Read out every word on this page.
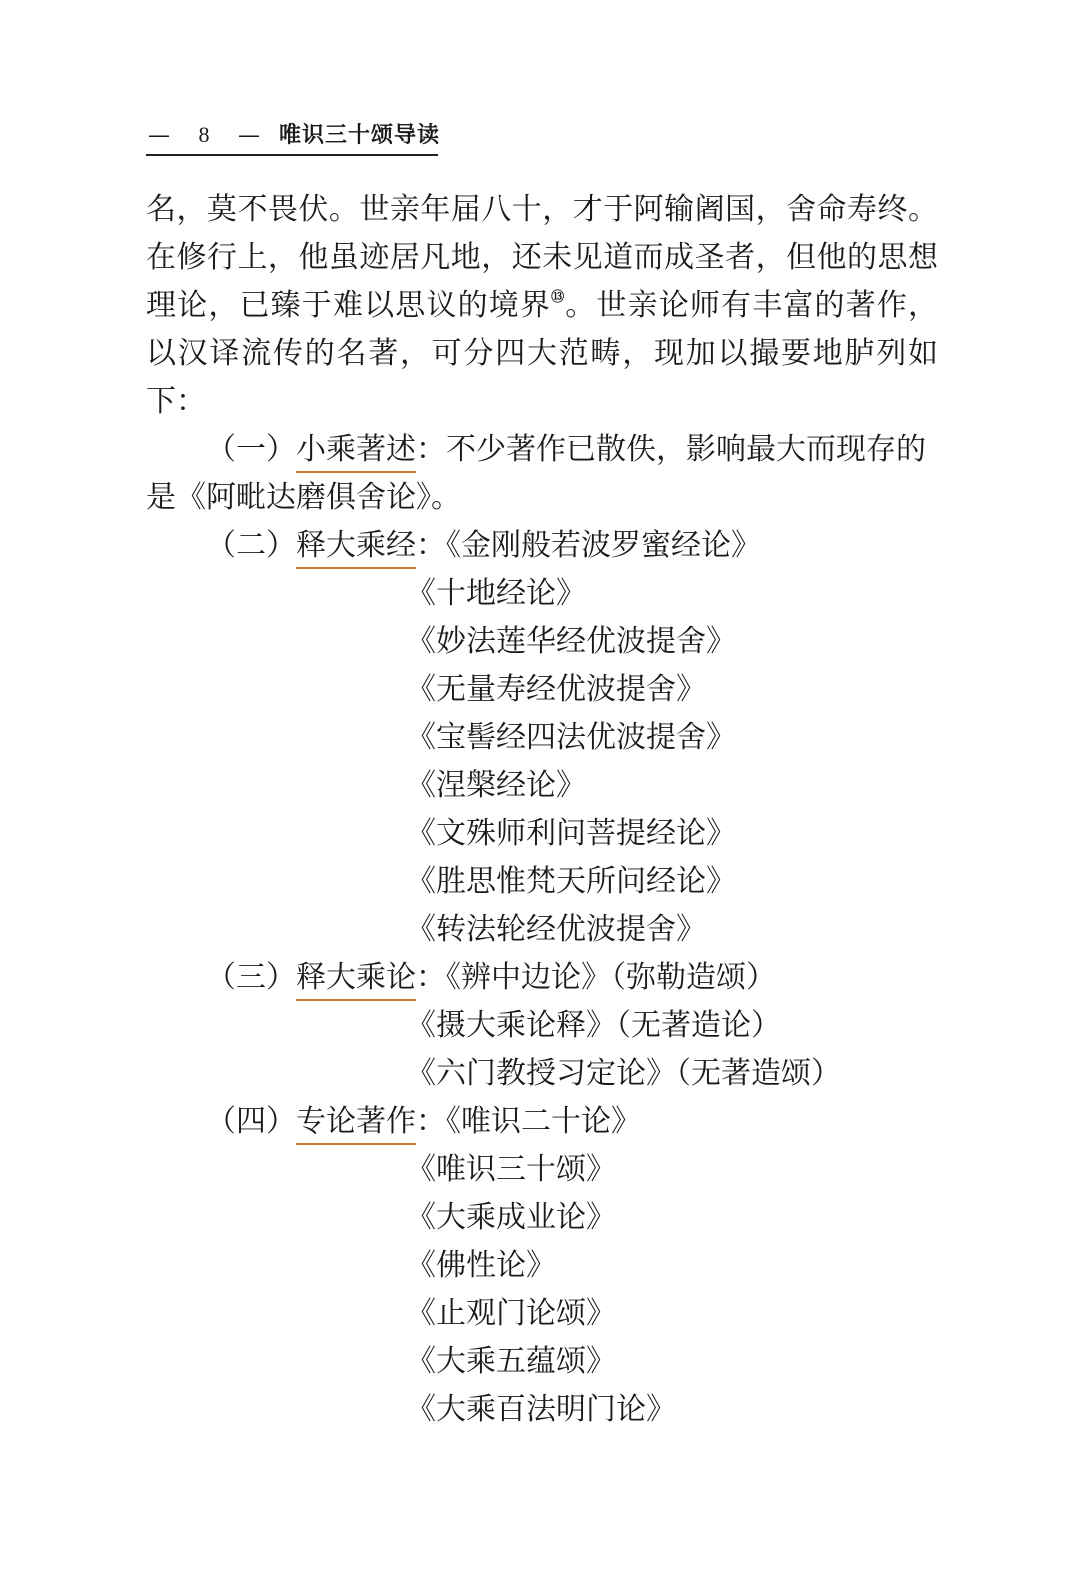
— 8 — 唯识三十颂导读
名，莫不畏伏。世亲年届八十，才于阿输阇国，舍命寿终。
在修行上，他虽迹居凡地，还未见道而成圣者，但他的思想
理论，已臻于难以思议的境界⑬。世亲论师有丰富的著作，
以汉译流传的名著，可分四大范畴，现加以撮要地胪列如
下：
（一）小乘著述：不少著作已散佚，影响最大而现存的
是《阿毗达磨俱舍论》。
（二）释大乘经：《金刚般若波罗蜜经论》
《十地经论》
《妙法莲华经优波提舍》
《无量寿经优波提舍》
《宝髻经四法优波提舍》
《涅槃经论》
《文殊师利问菩提经论》
《胜思惟梵天所问经论》
《转法轮经优波提舍》
（三）释大乘论：《辨中边论》（弥勒造颂）
《摄大乘论释》（无著造论）
《六门教授习定论》（无著造颂）
（四）专论著作：《唯识二十论》
《唯识三十颂》
《大乘成业论》
《佛性论》
《止观门论颂》
《大乘五蕴颂》
《大乘百法明门论》
